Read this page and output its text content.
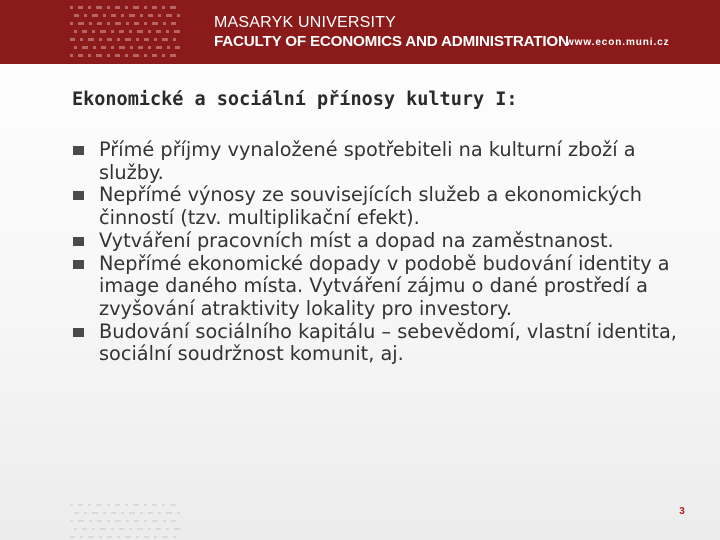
MASARYK UNIVERSITY
FACULTY OF ECONOMICS AND ADMINISTRATION
www.econ.muni.cz
Ekonomické a sociální přínosy kultury I:
Přímé příjmy vynaložené spotřebiteli na kulturní zboží a služby.
Nepřímé výnosy ze souvisejících služeb a ekonomických činností (tzv. multiplikační efekt).
Vytváření pracovních míst a dopad na zaměstnanost.
Nepřímé ekonomické dopady v podobě budování identity a image daného místa. Vytváření zájmu o dané prostředí a zvyšování atraktivity lokality pro investory.
Budování sociálního kapitálu – sebevědomí, vlastní identita, sociální soudržnost komunit, aj.
3
